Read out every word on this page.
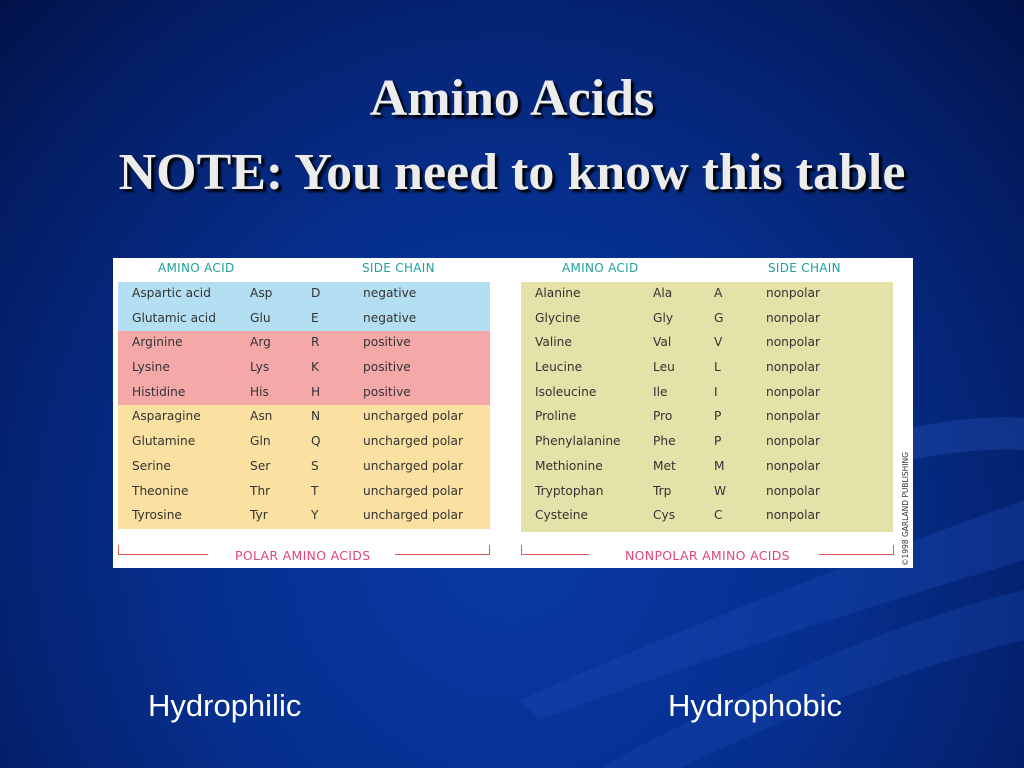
Amino Acids
NOTE: You need to know this table
AMINO ACID	SIDE CHAIN	AMINO ACID	SIDE CHAIN
Aspartic acid	Asp	D	negative
Glutamic acid	Glu	E	negative
Arginine	Arg	R	positive
Lysine	Lys	K	positive
Histidine	His	H	positive
Asparagine	Asn	N	uncharged polar
Glutamine	Gln	Q	uncharged polar
Serine	Ser	S	uncharged polar
Theonine	Thr	T	uncharged polar
Tyrosine	Tyr	Y	uncharged polar
Alanine	Ala	A	nonpolar
Glycine	Gly	G	nonpolar
Valine	Val	V	nonpolar
Leucine	Leu	L	nonpolar
Isoleucine	Ile	I	nonpolar
Proline	Pro	P	nonpolar
Phenylalanine	Phe	P	nonpolar
Methionine	Met	M	nonpolar
Tryptophan	Trp	W	nonpolar
Cysteine	Cys	C	nonpolar
POLAR AMINO ACIDS	NONPOLAR AMINO ACIDS	©1998 GARLAND PUBLISHING
Hydrophilic	Hydrophobic
